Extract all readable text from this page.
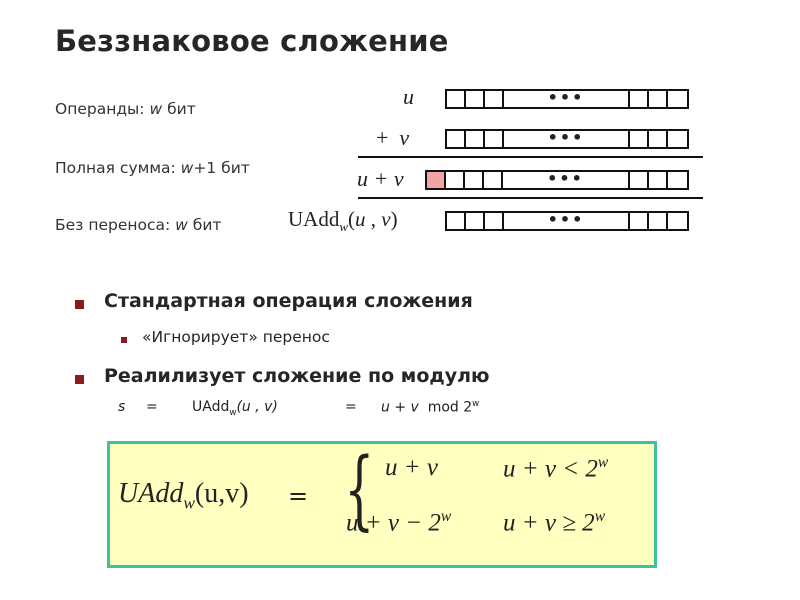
Беззнаковое сложение
Операнды: w бит
Полная сумма: w+1 бит
Без переноса: w бит
u
+ v
u + v
UAdd$_w$(u , v)
•••
•••
•••
•••
Стандартная операция сложения
«Игнорирует» перенос
Реалилизует сложение по модулю
s = UAdd$_w$(u , v)	= u + v mod 2$^w$
UAdd$_w$(u,v) = { u + v	$u + v < 2^w$
$u + v - 2^w$ $u + v \ge 2^w$
